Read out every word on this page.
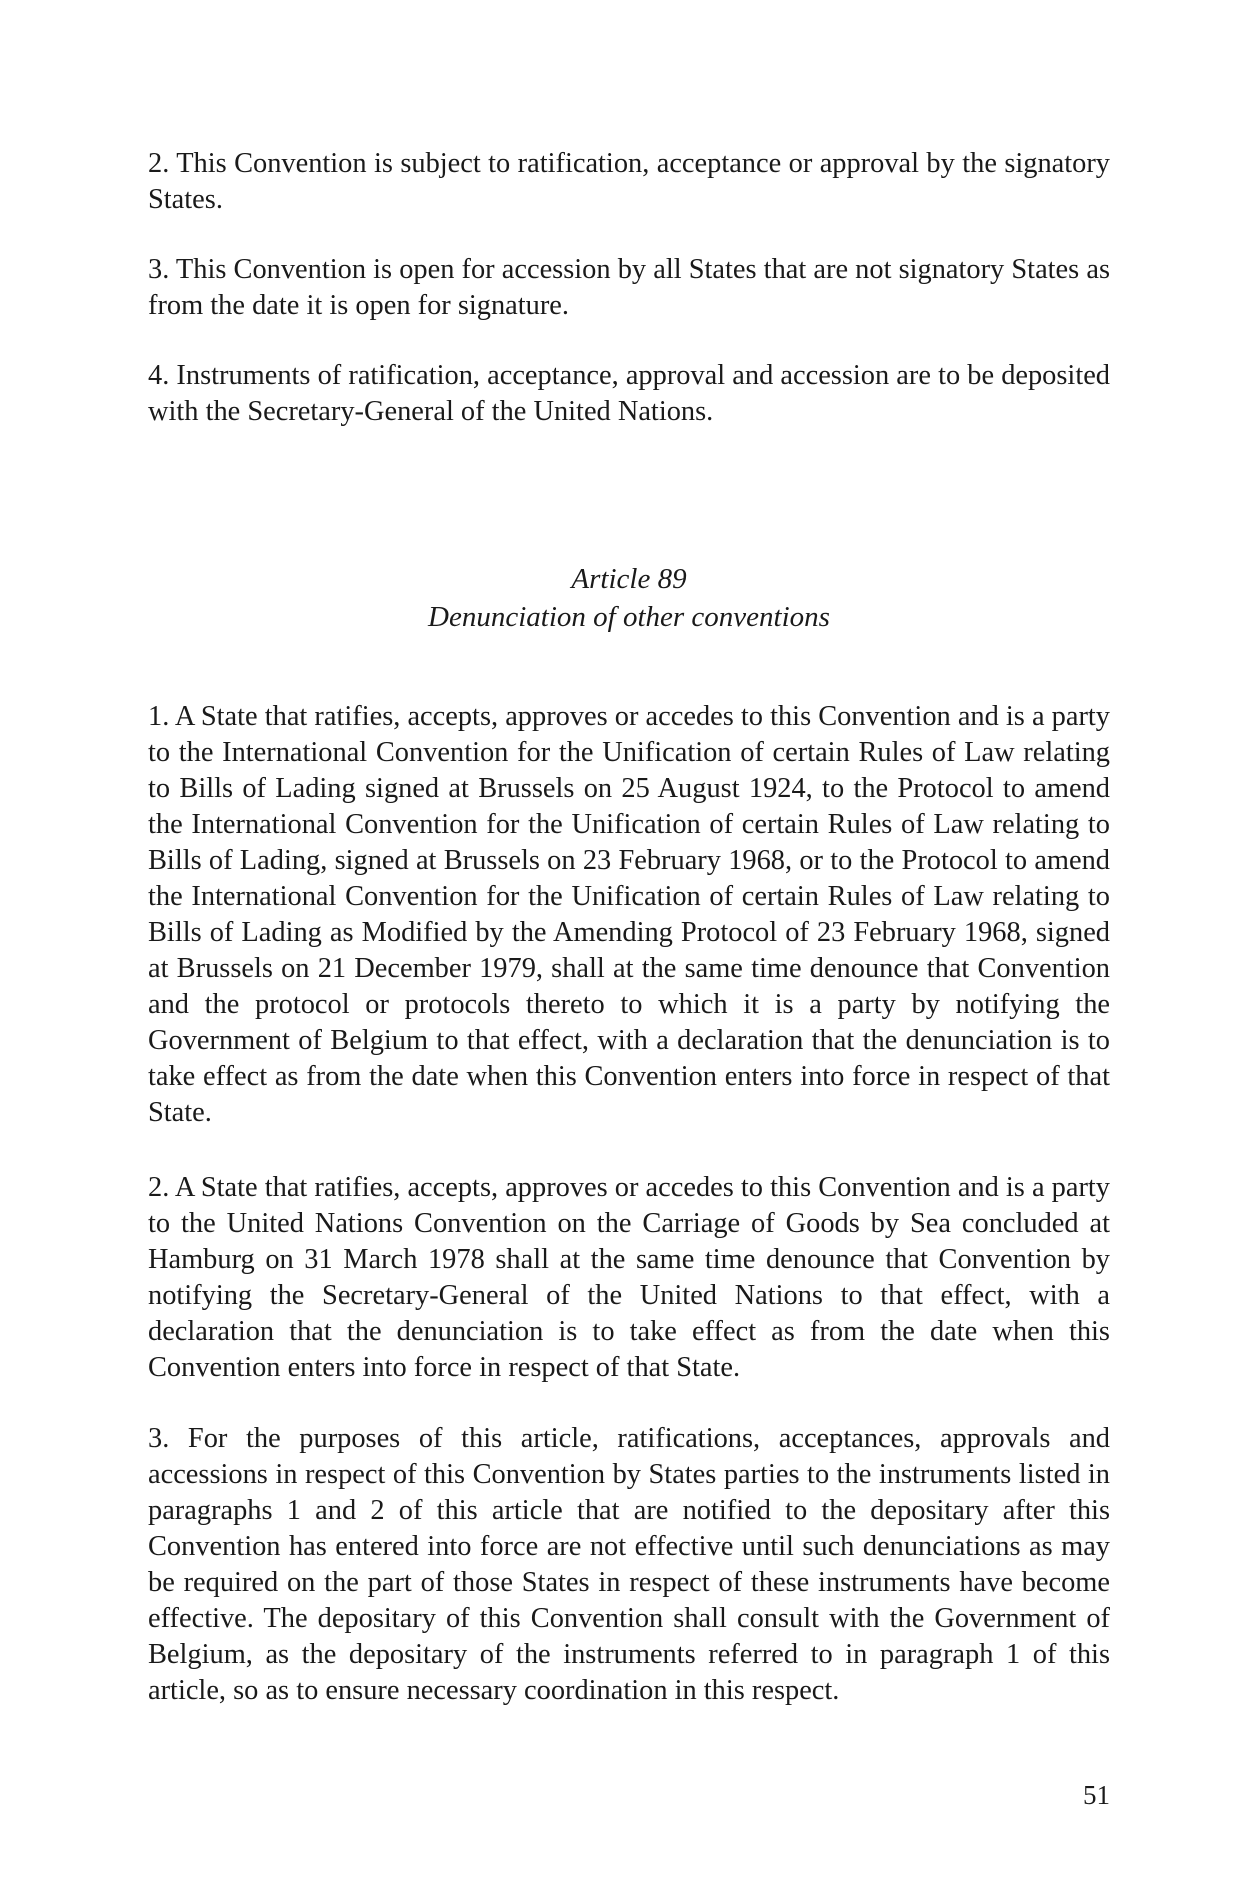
2. This Convention is subject to ratification, acceptance or approval by the signatory States.

3. This Convention is open for accession by all States that are not signatory States as from the date it is open for signature.

4. Instruments of ratification, acceptance, approval and accession are to be deposited with the Secretary-General of the United Nations.

Article 89
Denunciation of other conventions

1. A State that ratifies, accepts, approves or accedes to this Convention and is a party to the International Convention for the Unification of certain Rules of Law relating to Bills of Lading signed at Brussels on 25 August 1924, to the Protocol to amend the International Convention for the Unification of certain Rules of Law relating to Bills of Lading, signed at Brussels on 23 February 1968, or to the Protocol to amend the International Convention for the Unification of certain Rules of Law relating to Bills of Lading as Modified by the Amending Protocol of 23 February 1968, signed at Brussels on 21 December 1979, shall at the same time denounce that Convention and the protocol or protocols thereto to which it is a party by notifying the Government of Belgium to that effect, with a declaration that the denunciation is to take effect as from the date when this Convention enters into force in respect of that State.

2. A State that ratifies, accepts, approves or accedes to this Convention and is a party to the United Nations Convention on the Carriage of Goods by Sea concluded at Hamburg on 31 March 1978 shall at the same time denounce that Convention by notifying the Secretary-General of the United Nations to that effect, with a declaration that the denunciation is to take effect as from the date when this Convention enters into force in respect of that State.

3. For the purposes of this article, ratifications, acceptances, approvals and accessions in respect of this Convention by States parties to the instruments listed in paragraphs 1 and 2 of this article that are notified to the depositary after this Convention has entered into force are not effective until such denunciations as may be required on the part of those States in respect of these instruments have become effective. The depositary of this Convention shall consult with the Government of Belgium, as the depositary of the instruments referred to in paragraph 1 of this article, so as to ensure necessary coordination in this respect.

51
